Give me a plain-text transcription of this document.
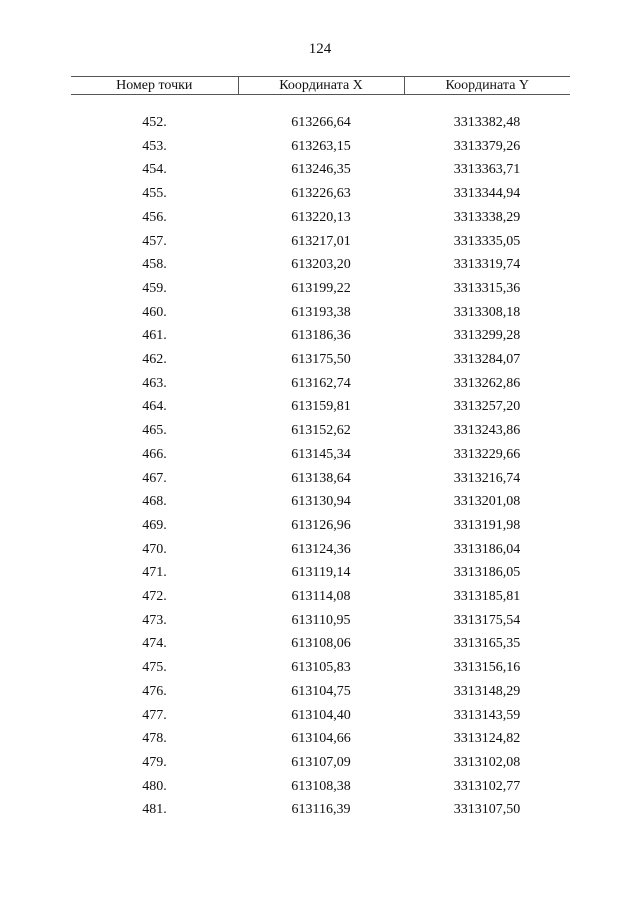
124
Номер точки	Координата X	Координата Y

452.	613266,64	3313382,48
453.	613263,15	3313379,26
454.	613246,35	3313363,71
455.	613226,63	3313344,94
456.	613220,13	3313338,29
457.	613217,01	3313335,05
458.	613203,20	3313319,74
459.	613199,22	3313315,36
460.	613193,38	3313308,18
461.	613186,36	3313299,28
462.	613175,50	3313284,07
463.	613162,74	3313262,86
464.	613159,81	3313257,20
465.	613152,62	3313243,86
466.	613145,34	3313229,66
467.	613138,64	3313216,74
468.	613130,94	3313201,08
469.	613126,96	3313191,98
470.	613124,36	3313186,04
471.	613119,14	3313186,05
472.	613114,08	3313185,81
473.	613110,95	3313175,54
474.	613108,06	3313165,35
475.	613105,83	3313156,16
476.	613104,75	3313148,29
477.	613104,40	3313143,59
478.	613104,66	3313124,82
479.	613107,09	3313102,08
480.	613108,38	3313102,77
481.	613116,39	3313107,50
